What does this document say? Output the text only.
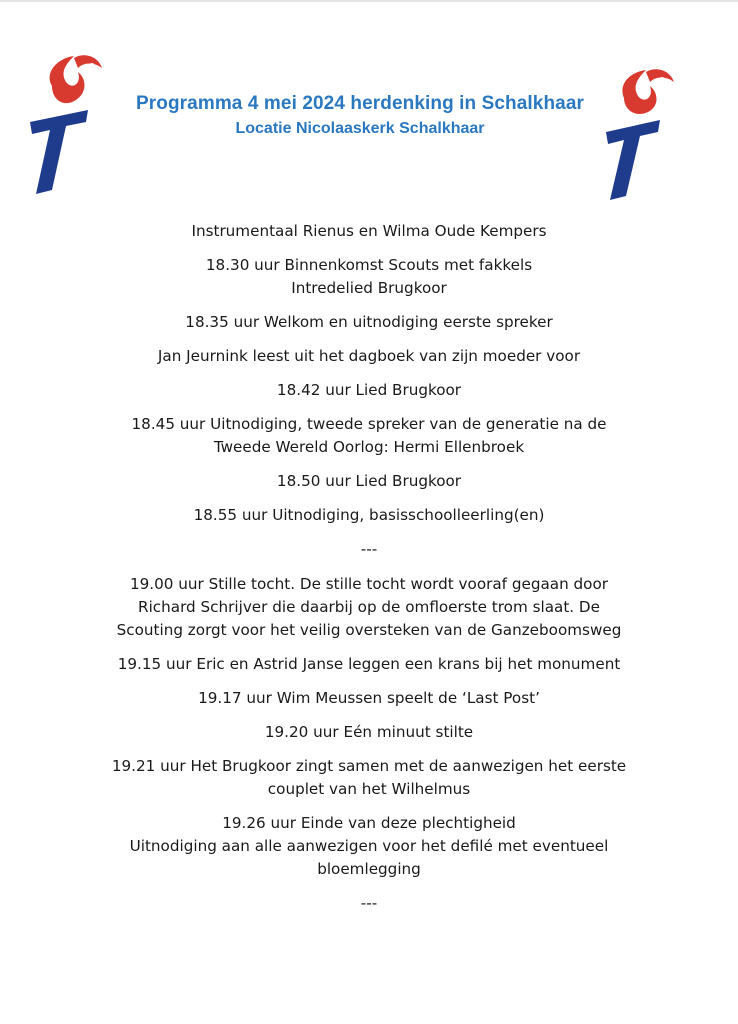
Programma 4 mei 2024 herdenking in Schalkhaar
Locatie Nicolaaskerk Schalkhaar
Instrumentaal Rienus en Wilma Oude Kempers
18.30 uur Binnenkomst Scouts met fakkels
Intredelied Brugkoor
18.35 uur Welkom en uitnodiging eerste spreker
Jan Jeurnink leest uit het dagboek van zijn moeder voor
18.42 uur Lied Brugkoor
18.45 uur Uitnodiging, tweede spreker van de generatie na de
Tweede Wereld Oorlog: Hermi Ellenbroek
18.50 uur Lied Brugkoor
18.55 uur Uitnodiging, basisschoolleerling(en)
---
19.00 uur Stille tocht. De stille tocht wordt vooraf gegaan door
Richard Schrijver die daarbij op de omfloerste trom slaat. De
Scouting zorgt voor het veilig oversteken van de Ganzeboomsweg
19.15 uur Eric en Astrid Janse leggen een krans bij het monument
19.17 uur Wim Meussen speelt de ‘Last Post’
19.20 uur Eén minuut stilte
19.21 uur Het Brugkoor zingt samen met de aanwezigen het eerste
couplet van het Wilhelmus
19.26 uur Einde van deze plechtigheid
Uitnodiging aan alle aanwezigen voor het defilé met eventueel
bloemlegging
---
